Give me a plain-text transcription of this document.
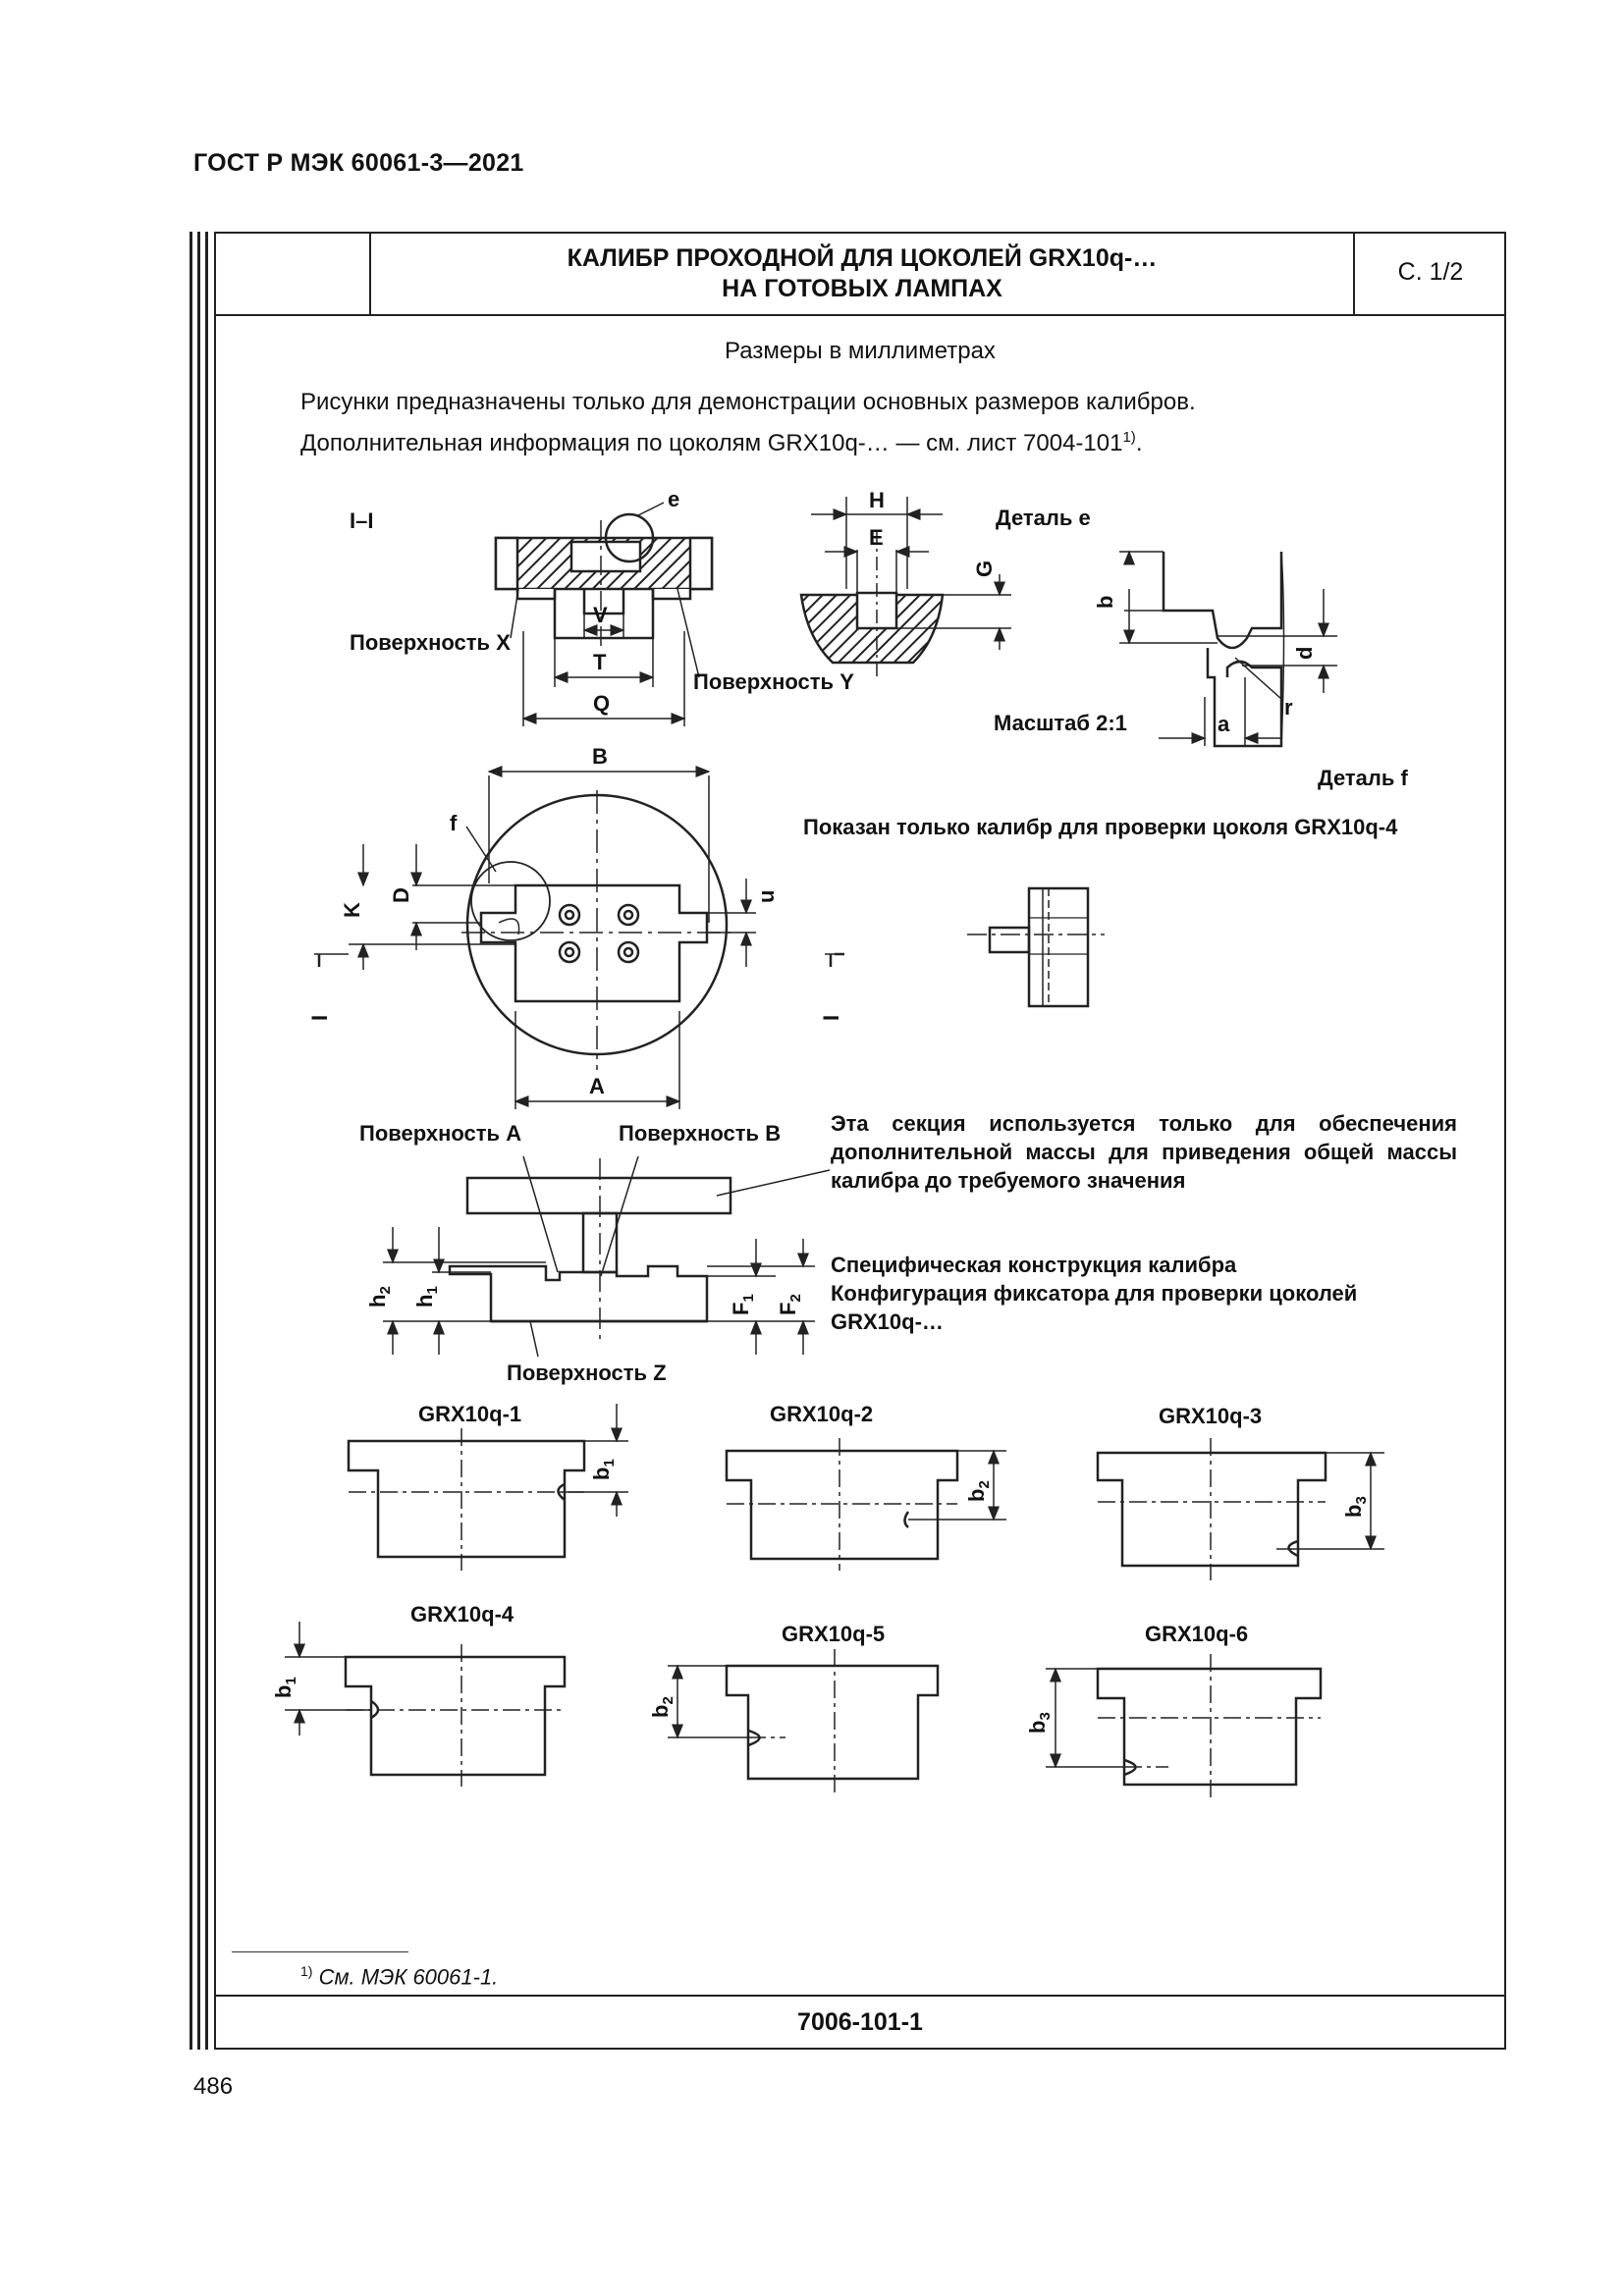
ГОСТ Р МЭК 60061-3—2021
КАЛИБР ПРОХОДНОЙ ДЛЯ ЦОКОЛЕЙ GRX10q-…
НА ГОТОВЫХ ЛАМПАХ
С. 1/2
Размеры в миллиметрах
Рисунки предназначены только для демонстрации основных размеров калибров.
Дополнительная информация по цоколям GRX10q-… — см. лист 7004-101$^{1)}$.
e
V
T
Q
H
E
G
b
d
r
a
B
A
K
D	u
f
I	I
$h_2$
$h_1$
$F_1$
$F_2$
$b_1$
$b_2$
$b_3$
$b_1$
$b_2$
$b_3$
I–I	Деталь e
Поверхность X
Поверхность Y
Масштаб 2:1
Деталь f
Показан только калибр для проверки цоколя GRX10q-4
Поверхность A	Поверхность B
Поверхность Z
Эта секция используется только для обеспечения дополнительной массы для приведения общей массы калибра до требуемого значения
Специфическая конструкция калибра
Конфигурация фиксатора для проверки цоколей
GRX10q-…
GRX10q-1	GRX10q-2	GRX10q-3
GRX10q-4
GRX10q-5	GRX10q-6
$^{1)}$ См. МЭК 60061-1.
7006-101-1
486
